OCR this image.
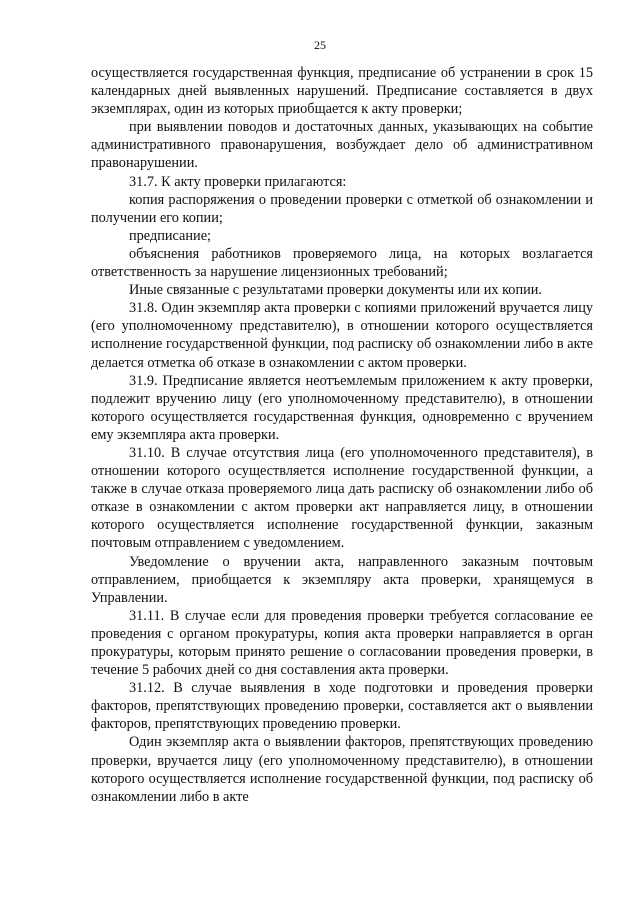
25

осуществляется государственная функция, предписание об устранении в срок 15 календарных дней выявленных нарушений. Предписание составляется в двух экземплярах, один из которых приобщается к акту проверки;

при выявлении поводов и достаточных данных, указывающих на событие административного правонарушения, возбуждает дело об административном правонарушении.

31.7. К акту проверки прилагаются:

копия распоряжения о проведении проверки с отметкой об ознакомлении и получении его копии;

предписание;

объяснения работников проверяемого лица, на которых возлагается ответственность за нарушение лицензионных требований;

Иные связанные с результатами проверки документы или их копии.

31.8. Один экземпляр акта проверки с копиями приложений вручается лицу (его уполномоченному представителю), в отношении которого осуществляется исполнение государственной функции, под расписку об ознакомлении либо в акте делается отметка об отказе в ознакомлении с актом проверки.

31.9. Предписание является неотъемлемым приложением к акту проверки, подлежит вручению лицу (его уполномоченному представителю), в отношении которого осуществляется государственная функция, одновременно с вручением ему экземпляра акта проверки.

31.10. В случае отсутствия лица (его уполномоченного представителя), в отношении которого осуществляется исполнение государственной функции, а также в случае отказа проверяемого лица дать расписку об ознакомлении либо об отказе в ознакомлении с актом проверки акт направляется лицу, в отношении которого осуществляется исполнение государственной функции, заказным почтовым отправлением с уведомлением.

Уведомление о вручении акта, направленного заказным почтовым отправлением, приобщается к экземпляру акта проверки, хранящемуся в Управлении.

31.11. В случае если для проведения проверки требуется согласование ее проведения с органом прокуратуры, копия акта проверки направляется в орган прокуратуры, которым принято решение о согласовании проведения проверки, в течение 5 рабочих дней со дня составления акта проверки.

31.12. В случае выявления в ходе подготовки и проведения проверки факторов, препятствующих проведению проверки, составляется акт о выявлении факторов, препятствующих проведению проверки.

Один экземпляр акта о выявлении факторов, препятствующих проведению проверки, вручается лицу (его уполномоченному представителю), в отношении которого осуществляется исполнение государственной функции, под расписку об ознакомлении либо в акте
